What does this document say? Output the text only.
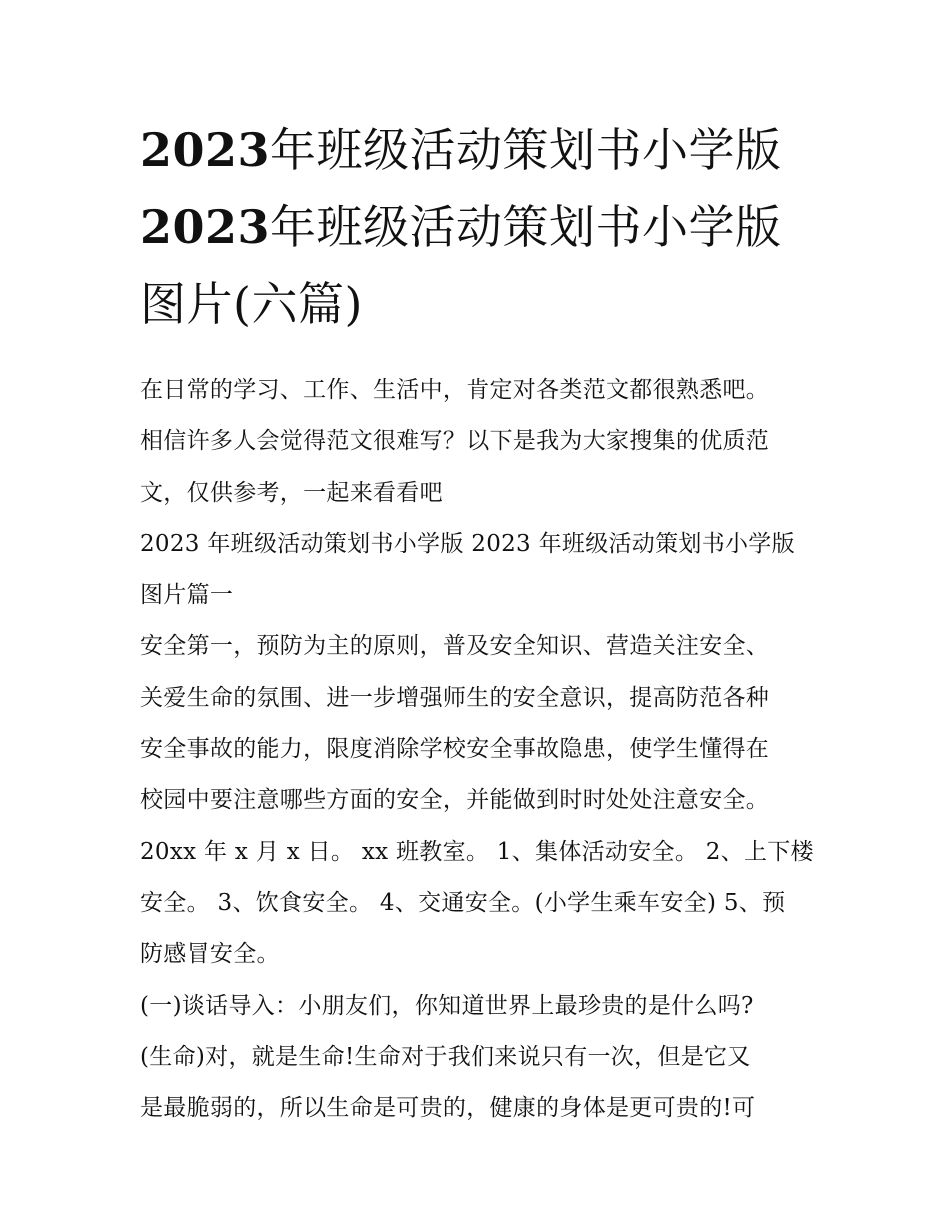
2023年班级活动策划书小学版
2023年班级活动策划书小学版
图片(六篇)
在日常的学习、工作、生活中，肯定对各类范文都很熟悉吧。
相信许多人会觉得范文很难写？以下是我为大家搜集的优质范
文，仅供参考，一起来看看吧
2023 年班级活动策划书小学版 2023 年班级活动策划书小学版
图片篇一
安全第一，预防为主的原则，普及安全知识、营造关注安全、
关爱生命的氛围、进一步增强师生的安全意识，提高防范各种
安全事故的能力，限度消除学校安全事故隐患，使学生懂得在
校园中要注意哪些方面的安全，并能做到时时处处注意安全。
20xx 年 x 月 x 日。 xx 班教室。 1、集体活动安全。 2、上下楼
安全。 3、饮食安全。 4、交通安全。(小学生乘车安全) 5、预
防感冒安全。
(一)谈话导入：小朋友们，你知道世界上最珍贵的是什么吗?
(生命)对，就是生命!生命对于我们来说只有一次，但是它又
是最脆弱的，所以生命是可贵的，健康的身体是更可贵的!可
